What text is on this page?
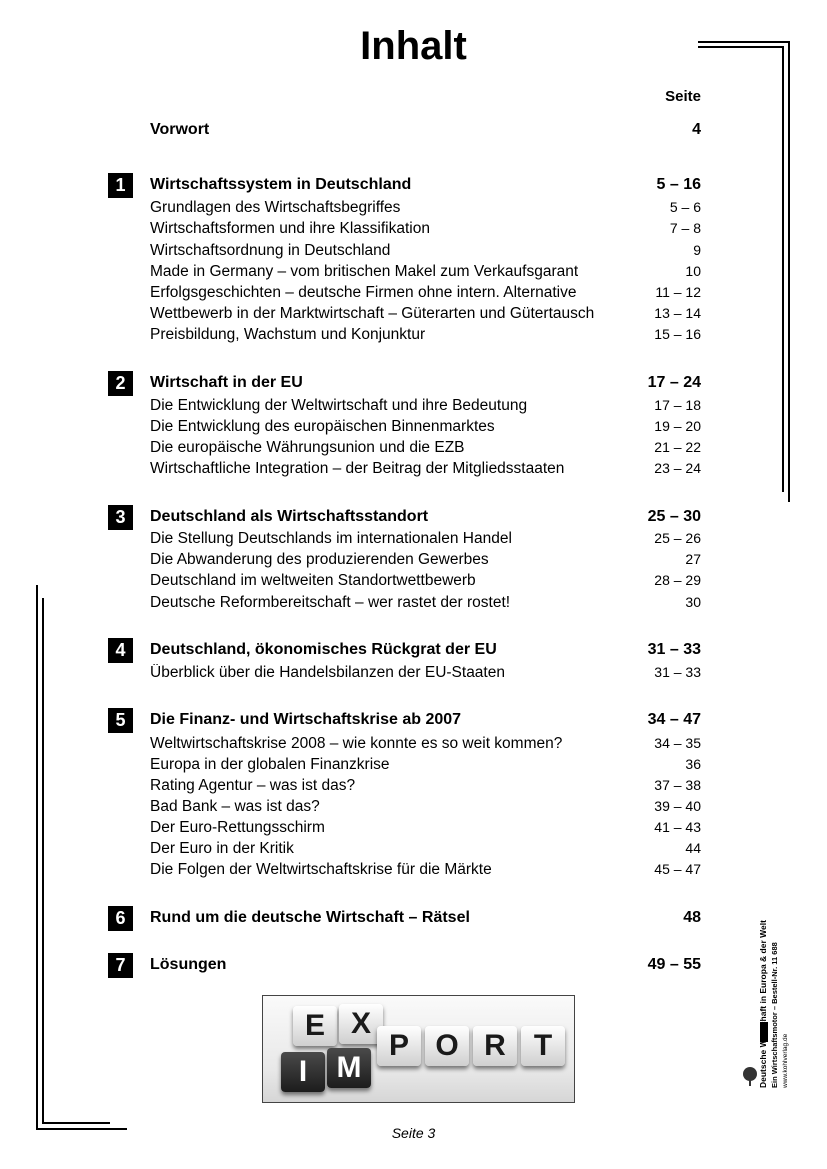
Inhalt
Seite
Vorwort	4
1	Wirtschaftssystem in Deutschland	5 – 16
Grundlagen des Wirtschaftsbegriffes	5 – 6
Wirtschaftsformen und ihre Klassifikation	7 – 8
Wirtschaftsordnung in Deutschland	9
Made in Germany – vom britischen Makel zum Verkaufsgarant	10
Erfolgsgeschichten – deutsche Firmen ohne intern. Alternative	11 – 12
Wettbewerb in der Marktwirtschaft – Güterarten und Gütertausch	13 – 14
Preisbildung, Wachstum und Konjunktur	15 – 16
2	Wirtschaft in der EU	17 – 24
Die Entwicklung der Weltwirtschaft und ihre Bedeutung	17 – 18
Die Entwicklung des europäischen Binnenmarktes	19 – 20
Die europäische Währungsunion und die EZB	21 – 22
Wirtschaftliche Integration – der Beitrag der Mitgliedsstaaten	23 – 24
3	Deutschland als Wirtschaftsstandort	25 – 30
Die Stellung Deutschlands im internationalen Handel	25 – 26
Die Abwanderung des produzierenden Gewerbes	27
Deutschland im weltweiten Standortwettbewerb	28 – 29
Deutsche Reformbereitschaft – wer rastet der rostet!	30
4	Deutschland, ökonomisches Rückgrat der EU	31 – 33
Überblick über die Handelsbilanzen der EU-Staaten	31 – 33
5	Die Finanz- und Wirtschaftskrise ab 2007	34 – 47
Weltwirtschaftskrise 2008 – wie konnte es so weit kommen?	34 – 35
Europa in der globalen Finanzkrise	36
Rating Agentur – was ist das?	37 – 38
Bad Bank – was ist das?	39 – 40
Der Euro-Rettungsschirm	41 – 43
Der Euro in der Kritik	44
Die Folgen der Weltwirtschaftskrise für die Märkte	45 – 47
6	Rund um die deutsche Wirtschaft – Rätsel	48
7	Lösungen	49 – 55
E X
I M
P O R T
Seite 3
Deutsche Wirtschaft in Europa & der Welt Ein Wirtschaftsmotor – Bestell-Nr. 11 688 www.kohlverlag.de
